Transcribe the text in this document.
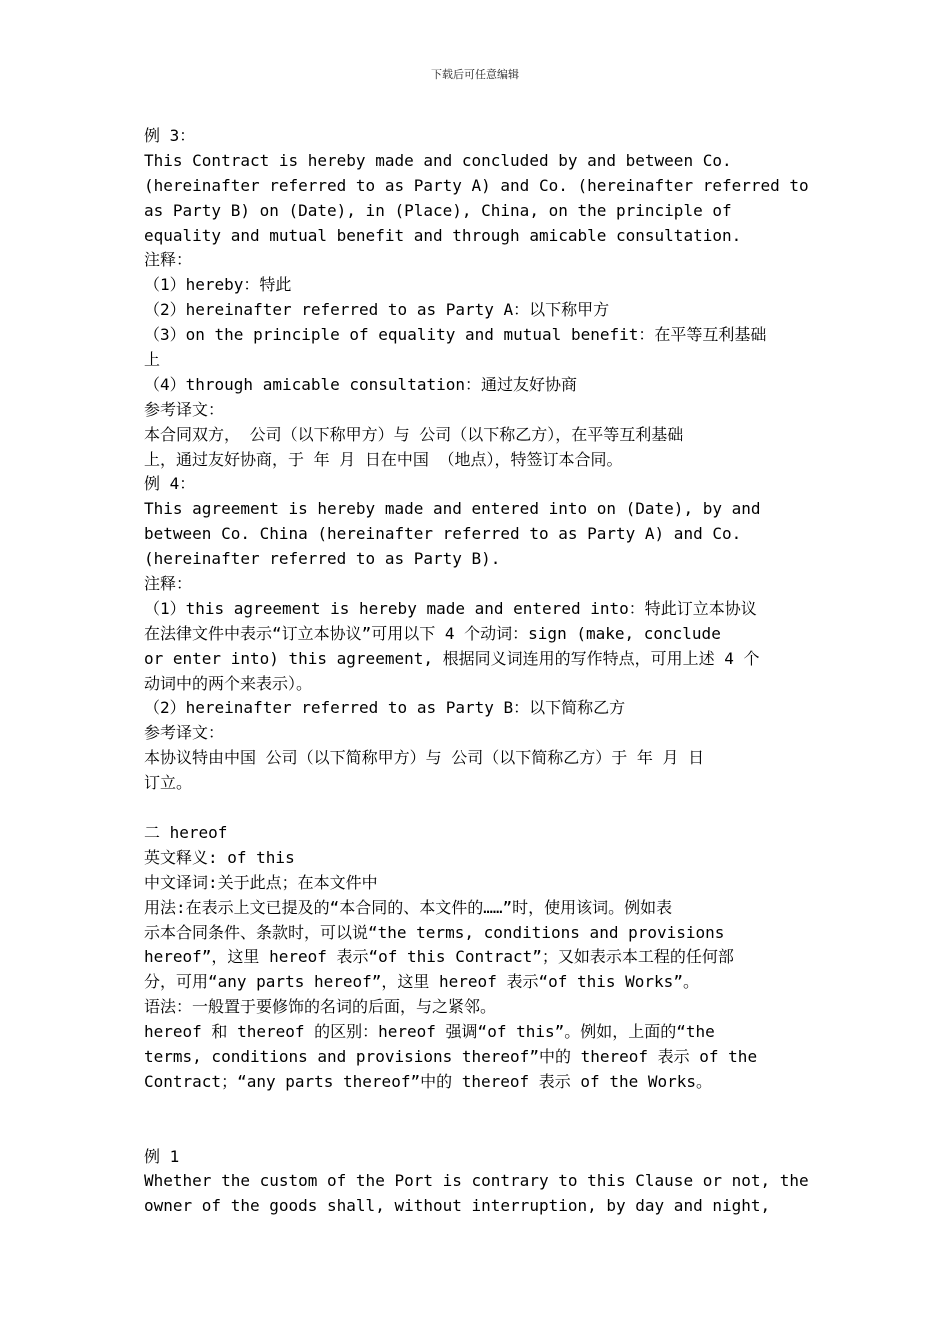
下载后可任意编辑
例 3：
This Contract is hereby made and concluded by and between Co.
(hereinafter referred to as Party A) and Co. (hereinafter referred to
as Party B) on (Date), in (Place), China, on the principle of
equality and mutual benefit and through amicable consultation.
注释：
（1）hereby：特此
（2）hereinafter referred to as Party A：以下称甲方
（3）on the principle of equality and mutual benefit：在平等互利基础
上
（4）through amicable consultation：通过友好协商
参考译文：
本合同双方， 公司（以下称甲方）与 公司（以下称乙方），在平等互利基础
上，通过友好协商，于 年 月 日在中国 （地点），特签订本合同。
例 4：
This agreement is hereby made and entered into on (Date), by and
between Co. China (hereinafter referred to as Party A) and Co.
(hereinafter referred to as Party B).
注释：
（1）this agreement is hereby made and entered into：特此订立本协议
在法律文件中表示“订立本协议”可用以下 4 个动词：sign (make, conclude
or enter into) this agreement, 根据同义词连用的写作特点，可用上述 4 个
动词中的两个来表示）。
（2）hereinafter referred to as Party B：以下简称乙方
参考译文：
本协议特由中国 公司（以下简称甲方）与 公司（以下简称乙方）于 年 月 日
订立。
二 hereof
英文释义: of this
中文译词:关于此点；在本文件中
用法:在表示上文已提及的“本合同的、本文件的……”时，使用该词。例如表
示本合同条件、条款时，可以说“the terms, conditions and provisions
hereof”，这里 hereof 表示“of this Contract”；又如表示本工程的任何部
分，可用“any parts hereof”，这里 hereof 表示“of this Works”。
语法：一般置于要修饰的名词的后面，与之紧邻。
hereof 和 thereof 的区别：hereof 强调“of this”。例如，上面的“the
terms, conditions and provisions thereof”中的 thereof 表示 of the
Contract；“any parts thereof”中的 thereof 表示 of the Works。
例 1
Whether the custom of the Port is contrary to this Clause or not, the
owner of the goods shall, without interruption, by day and night,
